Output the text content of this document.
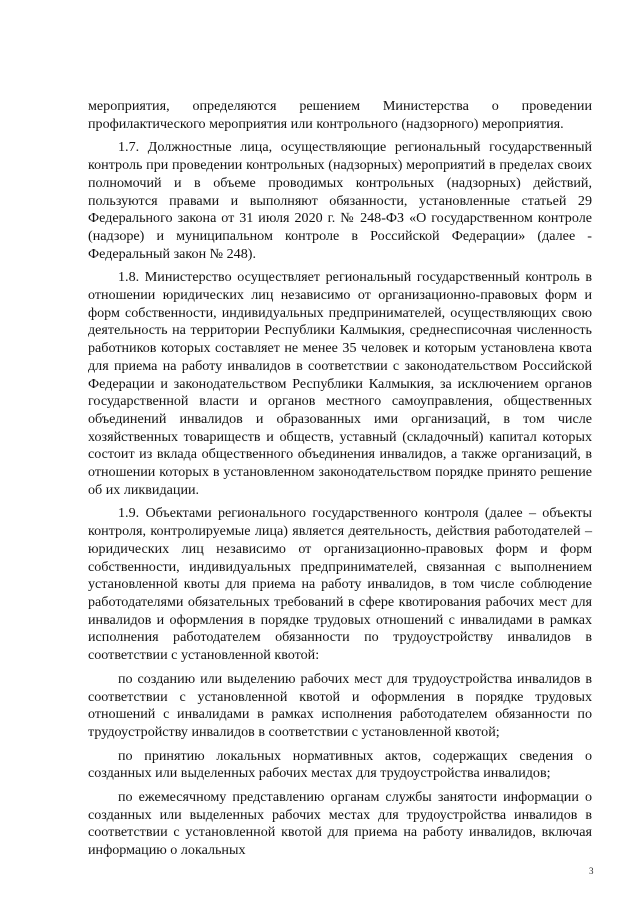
мероприятия, определяются решением Министерства о проведении профилактического мероприятия или контрольного (надзорного) мероприятия.

1.7. Должностные лица, осуществляющие региональный государственный контроль при проведении контрольных (надзорных) мероприятий в пределах своих полномочий и в объеме проводимых контрольных (надзорных) действий, пользуются правами и выполняют обязанности, установленные статьей 29 Федерального закона от 31 июля 2020 г. № 248-ФЗ «О государственном контроле (надзоре) и муниципальном контроле в Российской Федерации» (далее - Федеральный закон № 248).

1.8. Министерство осуществляет региональный государственный контроль в отношении юридических лиц независимо от организационно-правовых форм и форм собственности, индивидуальных предпринимателей, осуществляющих свою деятельность на территории Республики Калмыкия, среднесписочная численность работников которых составляет не менее 35 человек и которым установлена квота для приема на работу инвалидов в соответствии с законодательством Российской Федерации и законодательством Республики Калмыкия, за исключением органов государственной власти и органов местного самоуправления, общественных объединений инвалидов и образованных ими организаций, в том числе хозяйственных товариществ и обществ, уставный (складочный) капитал которых состоит из вклада общественного объединения инвалидов, а также организаций, в отношении которых в установленном законодательством порядке принято решение об их ликвидации.

1.9. Объектами регионального государственного контроля (далее – объекты контроля, контролируемые лица) является деятельность, действия работодателей – юридических лиц независимо от организационно-правовых форм и форм собственности, индивидуальных предпринимателей, связанная с выполнением установленной квоты для приема на работу инвалидов, в том числе соблюдение работодателями обязательных требований в сфере квотирования рабочих мест для инвалидов и оформления в порядке трудовых отношений с инвалидами в рамках исполнения работодателем обязанности по трудоустройству инвалидов в соответствии с установленной квотой:

по созданию или выделению рабочих мест для трудоустройства инвалидов в соответствии с установленной квотой и оформления в порядке трудовых отношений с инвалидами в рамках исполнения работодателем обязанности по трудоустройству инвалидов в соответствии с установленной квотой;

по принятию локальных нормативных актов, содержащих сведения о созданных или выделенных рабочих местах для трудоустройства инвалидов;

по ежемесячному представлению органам службы занятости информации о созданных или выделенных рабочих местах для трудоустройства инвалидов в соответствии с установленной квотой для приема на работу инвалидов, включая информацию о локальных

3
